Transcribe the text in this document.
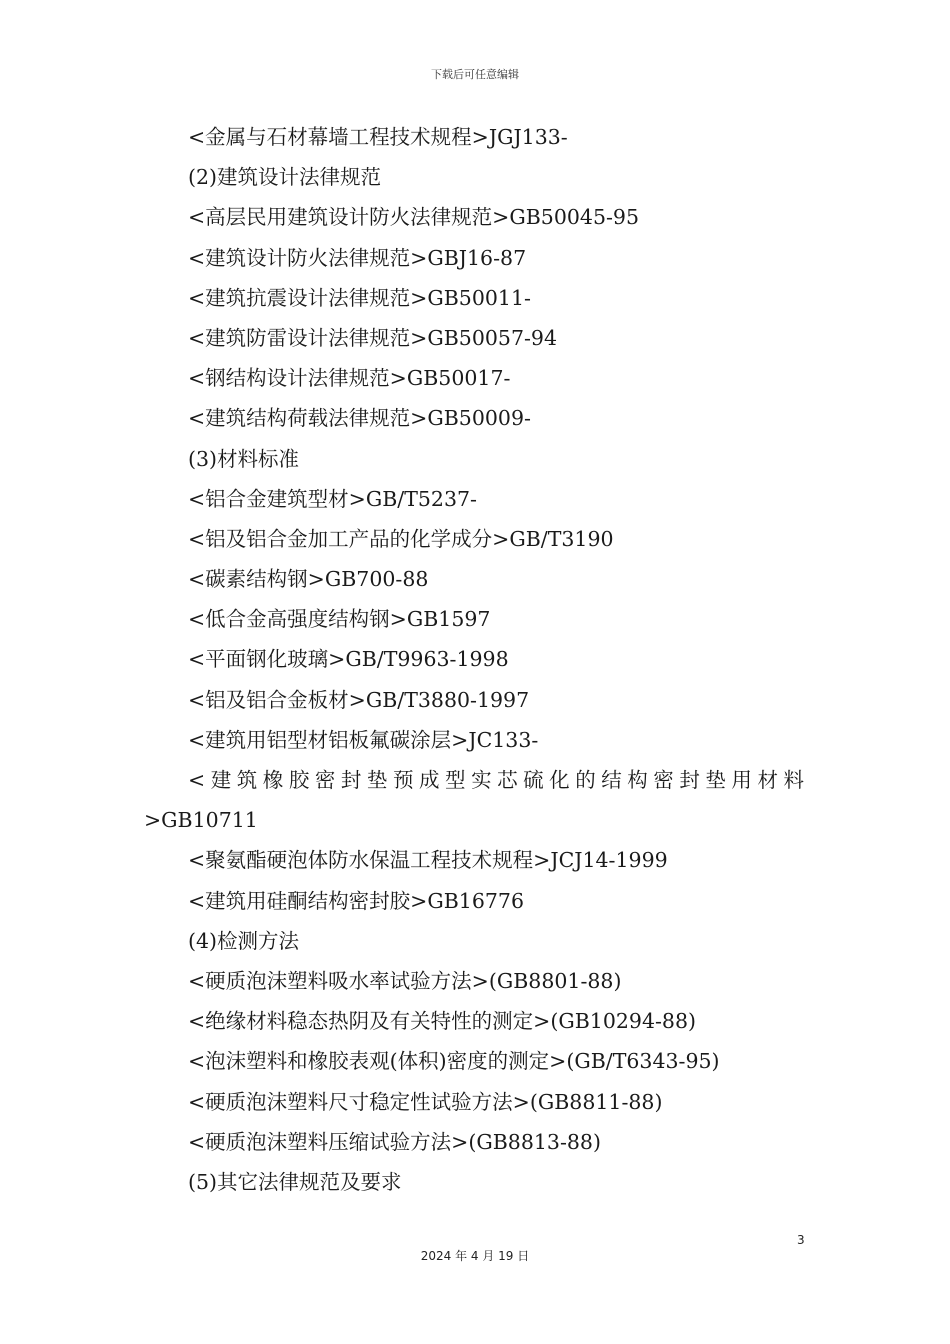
下载后可任意编辑
<金属与石材幕墙工程技术规程>JGJ133-
(2)建筑设计法律规范
<高层民用建筑设计防火法律规范>GB50045-95
<建筑设计防火法律规范>GBJ16-87
<建筑抗震设计法律规范>GB50011-
<建筑防雷设计法律规范>GB50057-94
<钢结构设计法律规范>GB50017-
<建筑结构荷载法律规范>GB50009-
(3)材料标准
<铝合金建筑型材>GB/T5237-
<铝及铝合金加工产品的化学成分>GB/T3190
<碳素结构钢>GB700-88
<低合金高强度结构钢>GB1597
<平面钢化玻璃>GB/T9963-1998
<铝及铝合金板材>GB/T3880-1997
<建筑用铝型材铝板氟碳涂层>JC133-
<建筑橡胶密封垫预成型实芯硫化的结构密封垫用材料
>GB10711
<聚氨酯硬泡体防水保温工程技术规程>JCJ14-1999
<建筑用硅酮结构密封胶>GB16776
(4)检测方法
<硬质泡沫塑料吸水率试验方法>(GB8801-88)
<绝缘材料稳态热阴及有关特性的测定>(GB10294-88)
<泡沫塑料和橡胶表观(体积)密度的测定>(GB/T6343-95)
<硬质泡沫塑料尺寸稳定性试验方法>(GB8811-88)
<硬质泡沫塑料压缩试验方法>(GB8813-88)
(5)其它法律规范及要求
3
2024 年 4 月 19 日
